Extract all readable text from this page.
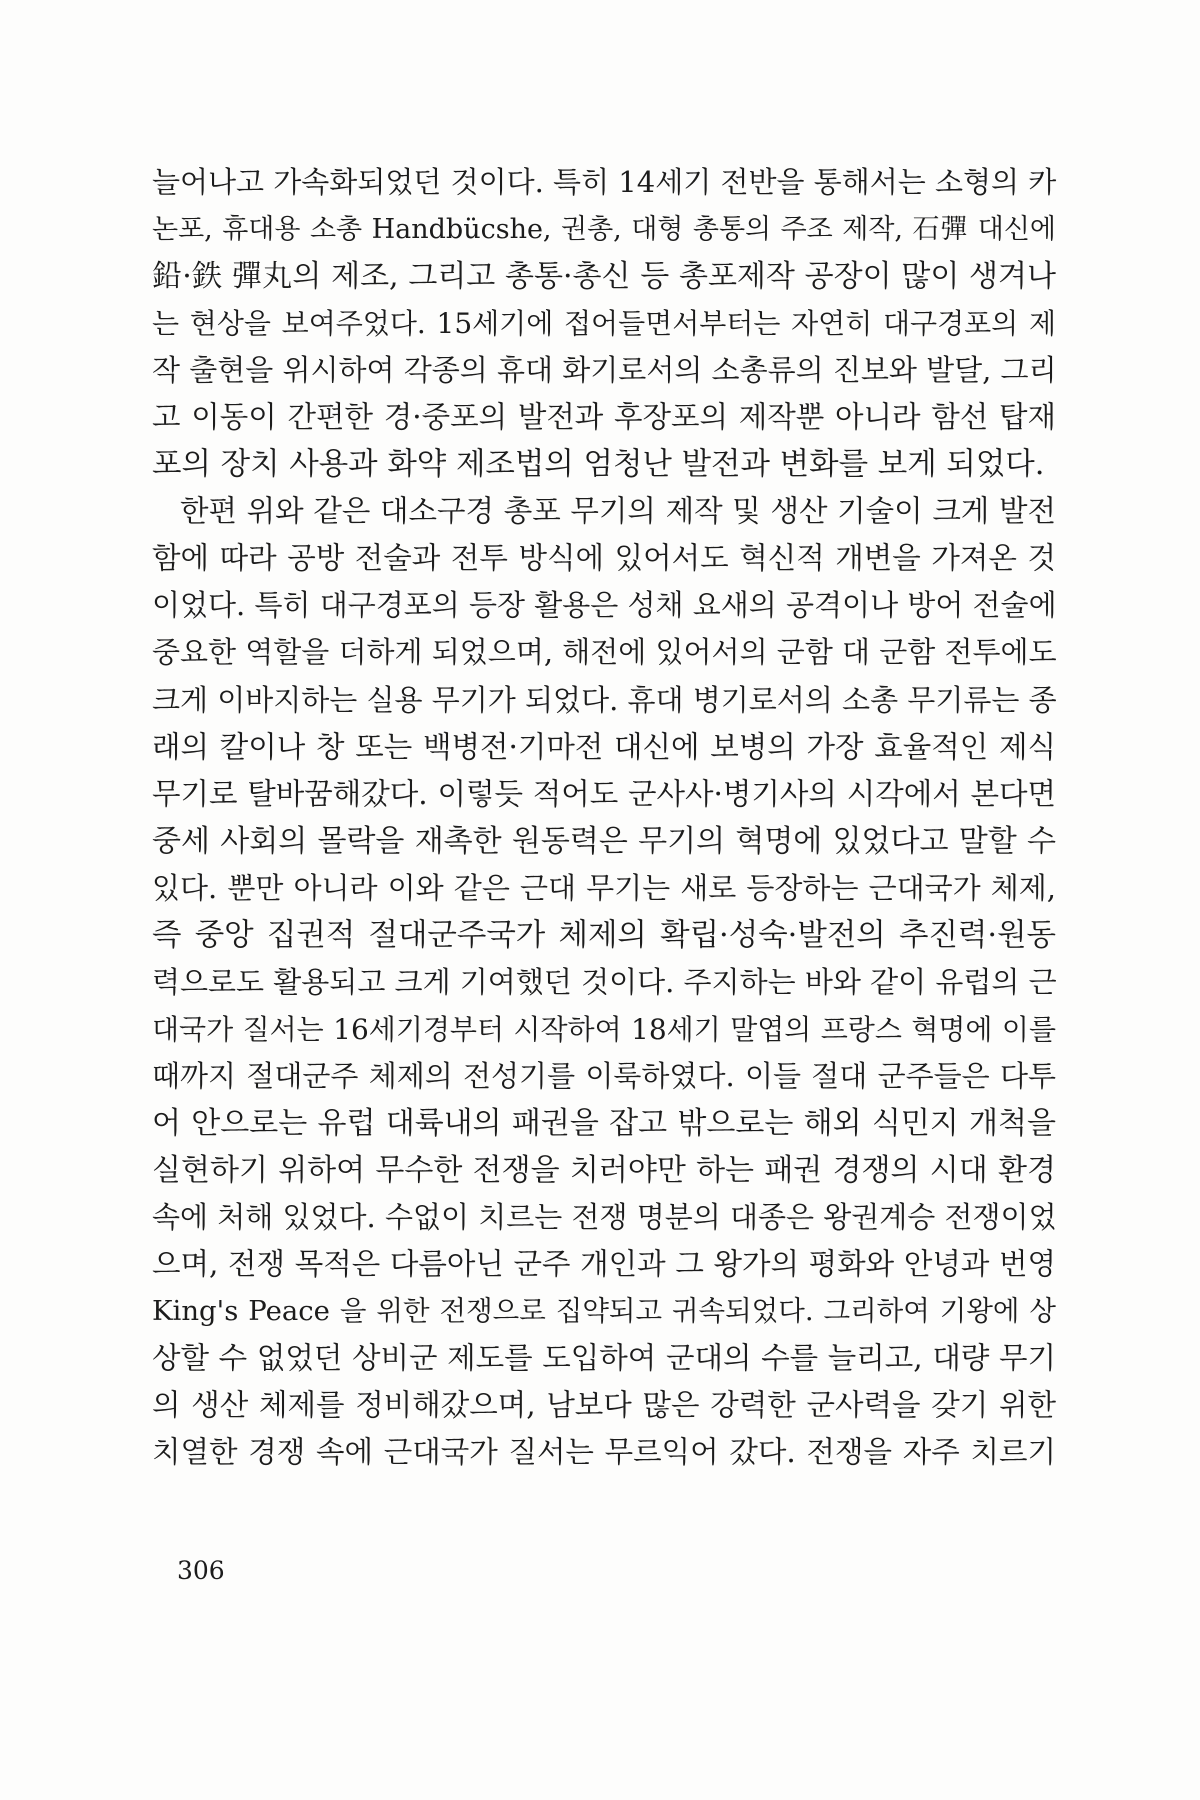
늘어나고 가속화되었던 것이다. 특히 14세기 전반을 통해서는 소형의 카
논포, 휴대용 소총 Handbücshe, 권총, 대형 총통의 주조 제작, 石彈 대신에
鉛·鉄 彈丸의 제조, 그리고 총통·총신 등 총포제작 공장이 많이 생겨나
는 현상을 보여주었다. 15세기에 접어들면서부터는 자연히 대구경포의 제
작 출현을 위시하여 각종의 휴대 화기로서의 소총류의 진보와 발달, 그리
고 이동이 간편한 경·중포의 발전과 후장포의 제작뿐 아니라 함선 탑재
포의 장치 사용과 화약 제조법의 엄청난 발전과 변화를 보게 되었다.
한편 위와 같은 대소구경 총포 무기의 제작 및 생산 기술이 크게 발전
함에 따라 공방 전술과 전투 방식에 있어서도 혁신적 개변을 가져온 것
이었다. 특히 대구경포의 등장 활용은 성채 요새의 공격이나 방어 전술에
중요한 역할을 더하게 되었으며, 해전에 있어서의 군함 대 군함 전투에도
크게 이바지하는 실용 무기가 되었다. 휴대 병기로서의 소총 무기류는 종
래의 칼이나 창 또는 백병전·기마전 대신에 보병의 가장 효율적인 제식
무기로 탈바꿈해갔다. 이렇듯 적어도 군사사·병기사의 시각에서 본다면
중세 사회의 몰락을 재촉한 원동력은 무기의 혁명에 있었다고 말할 수
있다. 뿐만 아니라 이와 같은 근대 무기는 새로 등장하는 근대국가 체제,
즉 중앙 집권적 절대군주국가 체제의 확립·성숙·발전의 추진력·원동
력으로도 활용되고 크게 기여했던 것이다. 주지하는 바와 같이 유럽의 근
대국가 질서는 16세기경부터 시작하여 18세기 말엽의 프랑스 혁명에 이를
때까지 절대군주 체제의 전성기를 이룩하였다. 이들 절대 군주들은 다투
어 안으로는 유럽 대륙내의 패권을 잡고 밖으로는 해외 식민지 개척을
실현하기 위하여 무수한 전쟁을 치러야만 하는 패권 경쟁의 시대 환경
속에 처해 있었다. 수없이 치르는 전쟁 명분의 대종은 왕권계승 전쟁이었
으며, 전쟁 목적은 다름아닌 군주 개인과 그 왕가의 평화와 안녕과 번영
King's Peace 을 위한 전쟁으로 집약되고 귀속되었다. 그리하여 기왕에 상
상할 수 없었던 상비군 제도를 도입하여 군대의 수를 늘리고, 대량 무기
의 생산 체제를 정비해갔으며, 남보다 많은 강력한 군사력을 갖기 위한
치열한 경쟁 속에 근대국가 질서는 무르익어 갔다. 전쟁을 자주 치르기
306
